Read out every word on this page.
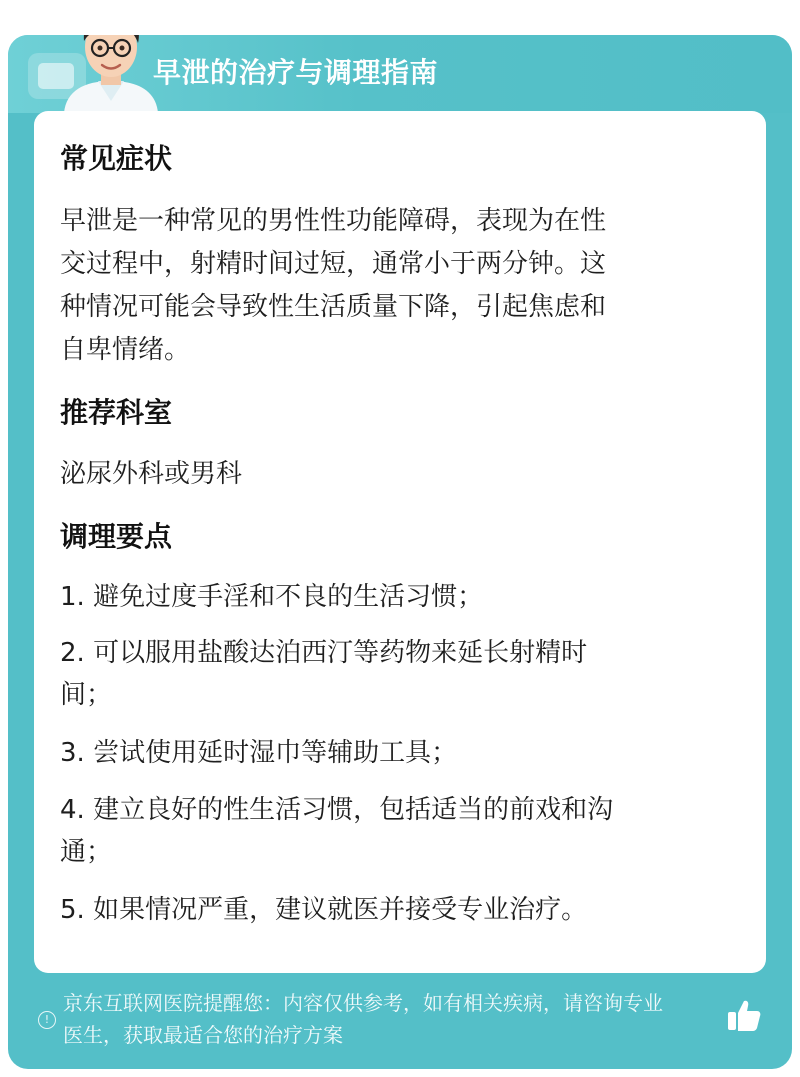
早泄的治疗与调理指南
常见症状
早泄是一种常见的男性性功能障碍，表现为在性
交过程中，射精时间过短，通常小于两分钟。这
种情况可能会导致性生活质量下降，引起焦虑和
自卑情绪。
推荐科室
泌尿外科或男科
调理要点
1. 避免过度手淫和不良的生活习惯；
2. 可以服用盐酸达泊西汀等药物来延长射精时
间；
3. 尝试使用延时湿巾等辅助工具；
4. 建立良好的性生活习惯，包括适当的前戏和沟
通；
5. 如果情况严重，建议就医并接受专业治疗。
!
京东互联网医院提醒您：内容仅供参考，如有相关疾病，请咨询专业
医生，获取最适合您的治疗方案
